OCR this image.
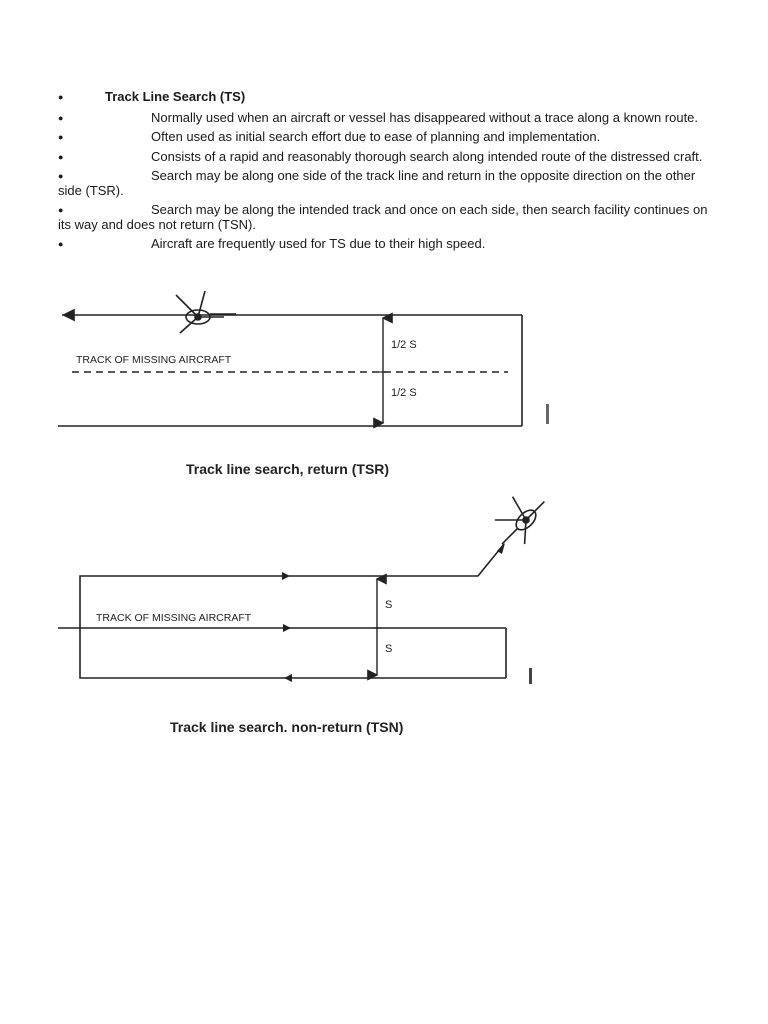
●	Track Line Search (TS)
●	Normally used when an aircraft or vessel has disappeared without a trace along a known route.
●	Often used as initial search effort due to ease of planning and implementation.
●	Consists of a rapid and reasonably thorough search along intended route of the distressed craft.
●	Search may be along one side of the track line and return in the opposite direction on the other side (TSR).
●	Search may be along the intended track and once on each side, then search facility continues on its way and does not return (TSN).
●	Aircraft are frequently used for TS due to their high speed.
TRACK OF MISSING AIRCRAFT
1/2 S
1/2 S
Track line search, return (TSR)
TRACK OF MISSING AIRCRAFT
S
S
Track line search. non-return (TSN)
